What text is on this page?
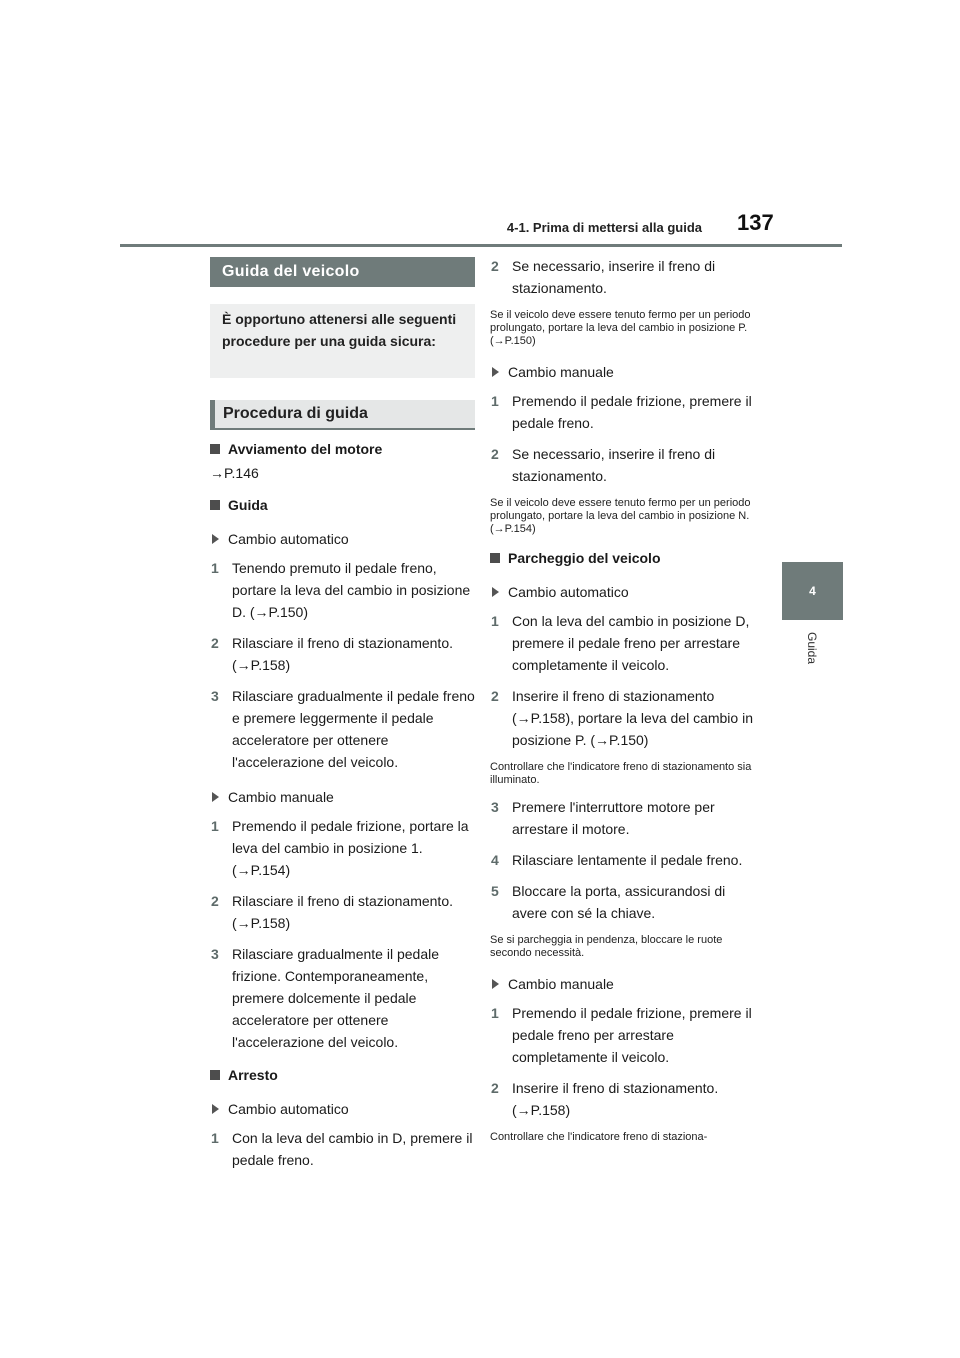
4-1. Prima di mettersi alla guida 137
4
Guida
Guida del veicolo
È opportuno attenersi alle seguenti procedure per una guida sicura:
Procedura di guida
Avviamento del motore
→P.146
Guida
Cambio automatico
1 Tenendo premuto il pedale freno, portare la leva del cambio in posizione D. (→P.150)
2 Rilasciare il freno di stazionamento. (→P.158)
3 Rilasciare gradualmente il pedale freno e premere leggermente il pedale acceleratore per ottenere l'accelerazione del veicolo.
Cambio manuale
1 Premendo il pedale frizione, portare la leva del cambio in posizione 1. (→P.154)
2 Rilasciare il freno di stazionamento. (→P.158)
3 Rilasciare gradualmente il pedale frizione. Contemporaneamente, premere dolcemente il pedale acceleratore per ottenere l'accelerazione del veicolo.
Arresto
Cambio automatico
1 Con la leva del cambio in D, premere il pedale freno.
2 Se necessario, inserire il freno di stazionamento.
Se il veicolo deve essere tenuto fermo per un periodo prolungato, portare la leva del cambio in posizione P. (→P.150)
Cambio manuale
1 Premendo il pedale frizione, premere il pedale freno.
2 Se necessario, inserire il freno di stazionamento.
Se il veicolo deve essere tenuto fermo per un periodo prolungato, portare la leva del cambio in posizione N. (→P.154)
Parcheggio del veicolo
Cambio automatico
1 Con la leva del cambio in posizione D, premere il pedale freno per arrestare completamente il veicolo.
2 Inserire il freno di stazionamento (→P.158), portare la leva del cambio in posizione P. (→P.150)
Controllare che l'indicatore freno di stazionamento sia illuminato.
3 Premere l'interruttore motore per arrestare il motore.
4 Rilasciare lentamente il pedale freno.
5 Bloccare la porta, assicurandosi di avere con sé la chiave.
Se si parcheggia in pendenza, bloccare le ruote secondo necessità.
Cambio manuale
1 Premendo il pedale frizione, premere il pedale freno per arrestare completamente il veicolo.
2 Inserire il freno di stazionamento. (→P.158)
Controllare che l'indicatore freno di staziona-
